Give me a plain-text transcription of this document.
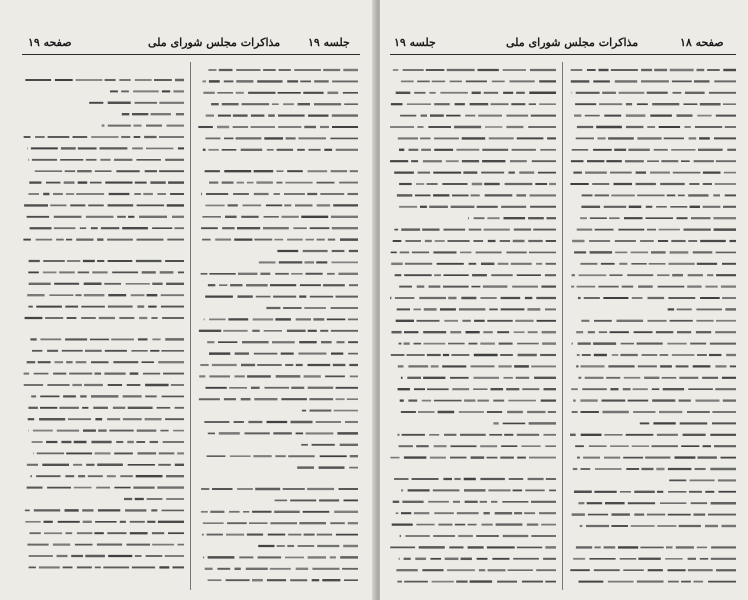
صفحه ۱۹	مذاکرات مجلس شورای ملی	جلسه ۱۹	جلسه ۱۹	مذاکرات مجلس شورای ملی	صفحه ۱۸
